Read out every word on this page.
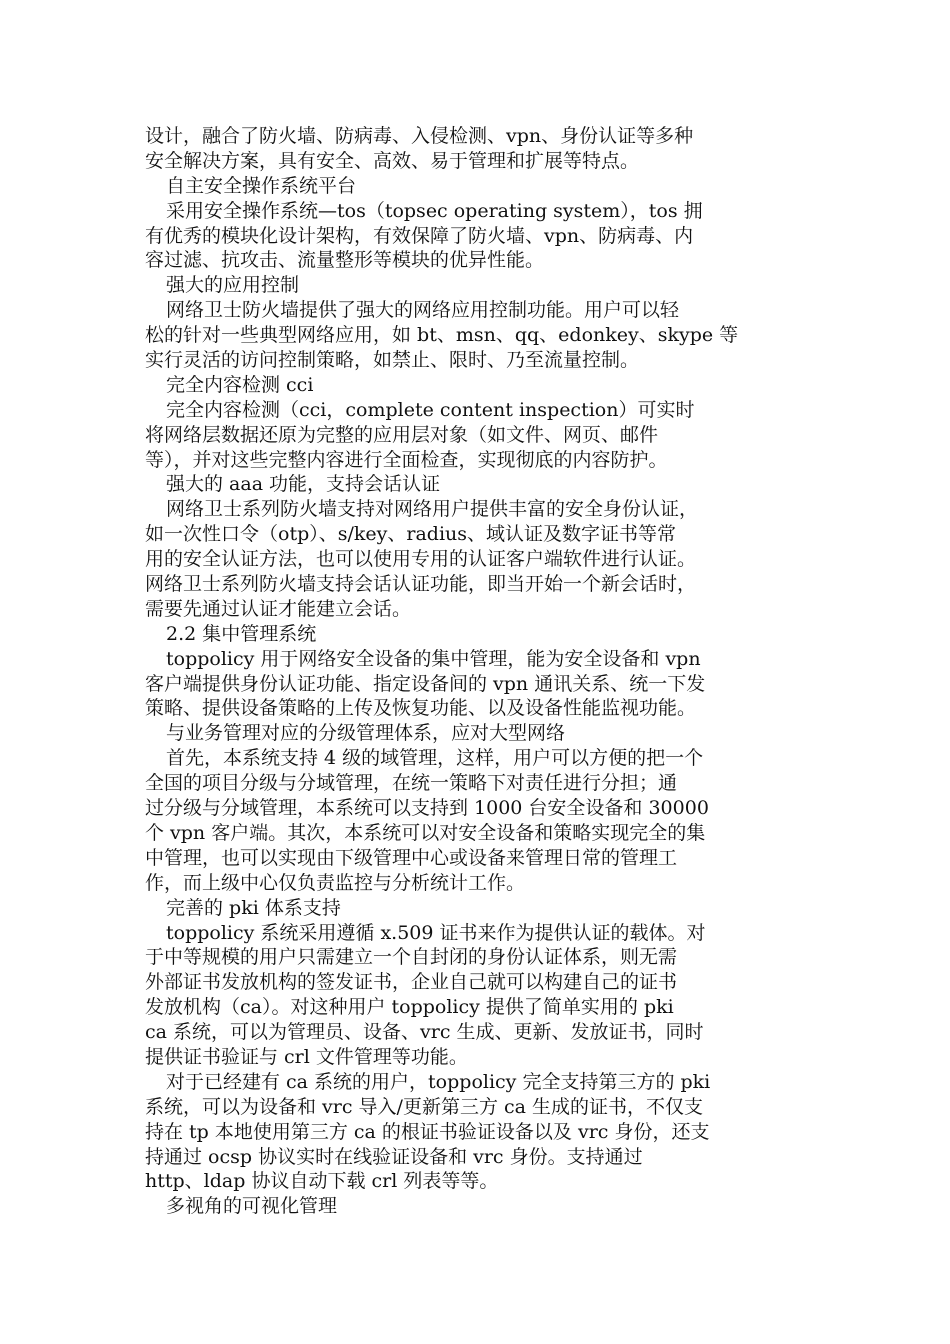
设计，融合了防火墙、防病毒、入侵检测、vpn、身份认证等多种
安全解决方案，具有安全、高效、易于管理和扩展等特点。
自主安全操作系统平台
采用安全操作系统—tos（topsec operating system），tos 拥
有优秀的模块化设计架构，有效保障了防火墙、vpn、防病毒、内
容过滤、抗攻击、流量整形等模块的优异性能。
强大的应用控制
网络卫士防火墙提供了强大的网络应用控制功能。用户可以轻
松的针对一些典型网络应用，如 bt、msn、qq、edonkey、skype 等
实行灵活的访问控制策略，如禁止、限时、乃至流量控制。
完全内容检测 cci
完全内容检测（cci，complete content inspection）可实时
将网络层数据还原为完整的应用层对象（如文件、网页、邮件
等），并对这些完整内容进行全面检查，实现彻底的内容防护。
强大的 aaa 功能，支持会话认证
网络卫士系列防火墙支持对网络用户提供丰富的安全身份认证，
如一次性口令（otp）、s/key、radius、域认证及数字证书等常
用的安全认证方法，也可以使用专用的认证客户端软件进行认证。
网络卫士系列防火墙支持会话认证功能，即当开始一个新会话时，
需要先通过认证才能建立会话。
2.2 集中管理系统
toppolicy 用于网络安全设备的集中管理，能为安全设备和 vpn
客户端提供身份认证功能、指定设备间的 vpn 通讯关系、统一下发
策略、提供设备策略的上传及恢复功能、以及设备性能监视功能。
与业务管理对应的分级管理体系，应对大型网络
首先，本系统支持 4 级的域管理，这样，用户可以方便的把一个
全国的项目分级与分域管理，在统一策略下对责任进行分担；通
过分级与分域管理，本系统可以支持到 1000 台安全设备和 30000
个 vpn 客户端。其次，本系统可以对安全设备和策略实现完全的集
中管理，也可以实现由下级管理中心或设备来管理日常的管理工
作，而上级中心仅负责监控与分析统计工作。
完善的 pki 体系支持
toppolicy 系统采用遵循 x.509 证书来作为提供认证的载体。对
于中等规模的用户只需建立一个自封闭的身份认证体系，则无需
外部证书发放机构的签发证书，企业自己就可以构建自己的证书
发放机构（ca）。对这种用户 toppolicy 提供了简单实用的 pki
ca 系统，可以为管理员、设备、vrc 生成、更新、发放证书，同时
提供证书验证与 crl 文件管理等功能。
对于已经建有 ca 系统的用户，toppolicy 完全支持第三方的 pki
系统，可以为设备和 vrc 导入/更新第三方 ca 生成的证书，不仅支
持在 tp 本地使用第三方 ca 的根证书验证设备以及 vrc 身份，还支
持通过 ocsp 协议实时在线验证设备和 vrc 身份。支持通过
http、ldap 协议自动下载 crl 列表等等。
多视角的可视化管理
